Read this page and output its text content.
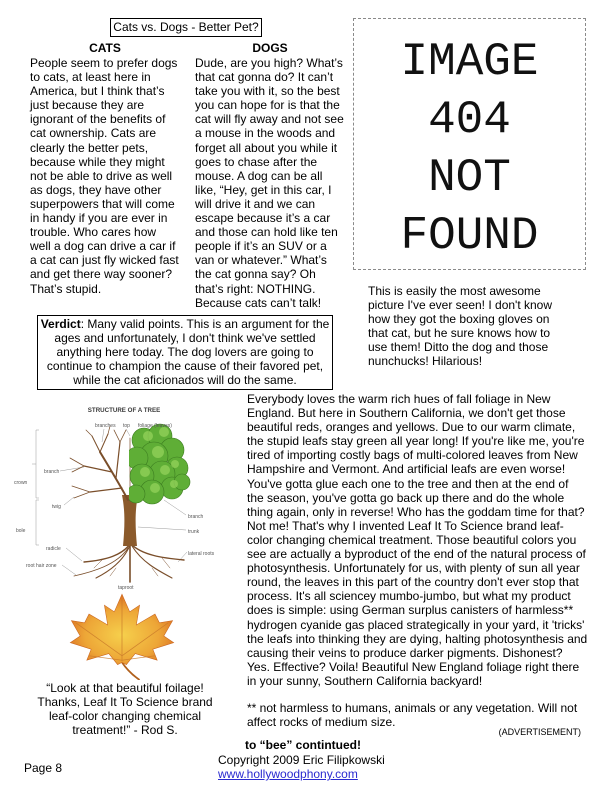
Cats vs. Dogs - Better Pet?
CATS	DOGS
People seem to prefer dogs
to cats, at least here in
America, but I think that’s
just because they are
ignorant of the benefits of
cat ownership. Cats are
clearly the better pets,
because while they might
not be able to drive as well
as dogs, they have other
superpowers that will come
in handy if you are ever in
trouble. Who cares how
well a dog can drive a car if
a cat can just fly wicked fast
and get there way sooner?
That’s stupid.
Dude, are you high? What’s
that cat gonna do? It can’t
take you with it, so the best
you can hope for is that the
cat will fly away and not see
a mouse in the woods and
forget all about you while it
goes to chase after the
mouse. A dog can be all
like, “Hey, get in this car, I
will drive it and we can
escape because it’s a car
and those can hold like ten
people if it’s an SUV or a
van or whatever.” What’s
the cat gonna say? Oh
that’s right: NOTHING.
Because cats can’t talk!
IMAGE
404
NOT
FOUND
This is easily the most awesome
picture I've ever seen! I don't know
how they got the boxing gloves on
that cat, but he sure knows how to
use them! Ditto the dog and those
nunchucks! Hilarious!
Verdict: Many valid points. This is an argument for the
ages and unfortunately, I don't think we've settled
anything here today. The dog lovers are going to
continue to champion the cause of their favored pet,
while the cat aficionados will do the same.
STRUCTURE OF A TREE
branches top foliage (leaves)
crown
branch
twig
bole
branch
trunk
radicle
root hair zone
lateral roots
taproot
“Look at that beautiful foilage!
Thanks, Leaf It To Science brand
leaf-color changing chemical
treatment!” - Rod S.
Everybody loves the warm rich hues of fall foliage in New
England. But here in Southern California, we don't get those
beautiful reds, oranges and yellows. Due to our warm climate,
the stupid leafs stay green all year long! If you're like me, you're
tired of importing costly bags of multi-colored leaves from New
Hampshire and Vermont. And artificial leafs are even worse!
You've gotta glue each one to the tree and then at the end of
the season, you've gotta go back up there and do the whole
thing again, only in reverse! Who has the goddam time for that?
Not me! That's why I invented Leaf It To Science brand leaf-
color changing chemical treatment. Those beautiful colors you
see are actually a byproduct of the end of the natural process of
photosynthesis. Unfortunately for us, with plenty of sun all year
round, the leaves in this part of the country don't ever stop that
process. It's all sciencey mumbo-jumbo, but what my product
does is simple: using German surplus canisters of harmless**
hydrogen cyanide gas placed strategically in your yard, it 'tricks'
the leafs into thinking they are dying, halting photosynthesis and
causing their veins to produce darker pigments. Dishonest?
Yes. Effective? Voila! Beautiful New England foliage right there
in your sunny, Southern California backyard!
** not harmless to humans, animals or any vegetation. Will not
affect rocks of medium size.
(ADVERTISEMENT)
to “bee” contintued!
Copyright 2009 Eric Filipkowski
www.hollywoodphony.com
Page 8
